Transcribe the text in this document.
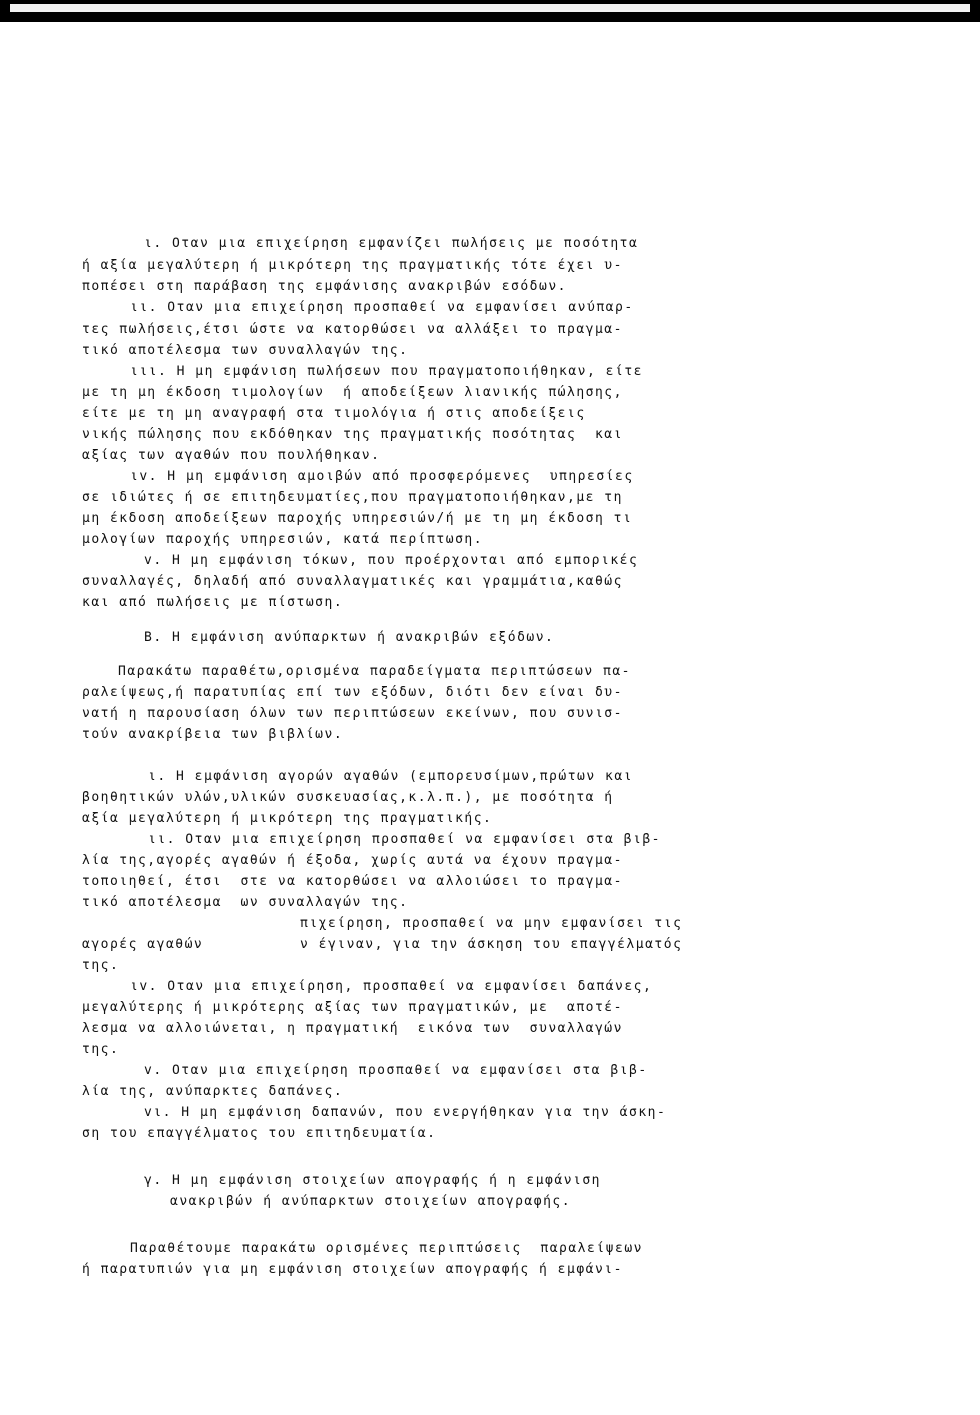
ι. Οταν μια επιχείρηση εμφανίζει πωλήσεις με ποσότητα
ή αξία μεγαλύτερη ή μικρότερη της πραγματικής τότε έχει υ-
ποπέσει στη παράβαση της εμφάνισης ανακριβών εσόδων.
ιι. Οταν μια επιχείρηση προσπαθεί να εμφανίσει ανύπαρ-
τες πωλήσεις,έτσι ώστε να κατορθώσει να αλλάξει το πραγμα-
τικό αποτέλεσμα των συναλλαγών της.
ιιι. Η μη εμφάνιση πωλήσεων που πραγματοποιήθηκαν, είτε
με τη μη έκδοση τιμολογίων  ή αποδείξεων λιανικής πώλησης,
είτε με τη μη αναγραφή στα τιμολόγια ή στις αποδείξεις
νικής πώλησης που εκδόθηκαν της πραγματικής ποσότητας  και
αξίας των αγαθών που πουλήθηκαν.
ιv. Η μη εμφάνιση αμοιβών από προσφερόμενες  υπηρεσίες
σε ιδιώτες ή σε επιτηδευματίες,που πραγματοποιήθηκαν,με τη
μη έκδοση αποδείξεων παροχής υπηρεσιών/ή με τη μη έκδοση τι
μολογίων παροχής υπηρεσιών, κατά περίπτωση.
v. Η μη εμφάνιση τόκων, που προέρχονται από εμπορικές
συναλλαγές, δηλαδή από συναλλαγματικές και γραμμάτια,καθώς
και από πωλήσεις με πίστωση.
Β. Η εμφάνιση ανύπαρκτων ή ανακριβών εξόδων.
Παρακάτω παραθέτω,ορισμένα παραδείγματα περιπτώσεων πα-
ραλείψεως,ή παρατυπίας επί των εξόδων, διότι δεν είναι δυ-
νατή η παρουσίαση όλων των περιπτώσεων εκείνων, που συνισ-
τούν ανακρίβεια των βιβλίων.
ι. Η εμφάνιση αγορών αγαθών (εμπορευσίμων,πρώτων και
βοηθητικών υλών,υλικών συσκευασίας,κ.λ.π.), με ποσότητα ή
αξία μεγαλύτερη ή μικρότερη της πραγματικής.
ιι. Οταν μια επιχείρηση προσπαθεί να εμφανίσει στα βιβ-
λία της,αγορές αγαθών ή έξοδα, χωρίς αυτά να έχουν πραγμα-
τοποιηθεί, έτσι  στε να κατορθώσει να αλλοιώσει το πραγμα-
τικό αποτέλεσμα  ων συναλλαγών της.
πιχείρηση, προσπαθεί να μην εμφανίσει τις
αγορές αγαθών	ν έγιναν, για την άσκηση του επαγγέλματός
της.
ιv. Οταν μια επιχείρηση, προσπαθεί να εμφανίσει δαπάνες,
μεγαλύτερης ή μικρότερης αξίας των πραγματικών, με  αποτέ-
λεσμα να αλλοιώνεται, η πραγματική  εικόνα των  συναλλαγών
της.
v. Οταν μια επιχείρηση προσπαθεί να εμφανίσει στα βιβ-
λία της, ανύπαρκτες δαπάνες.
vι. Η μη εμφάνιση δαπανών, που ενεργήθηκαν για την άσκη-
ση του επαγγέλματος του επιτηδευματία.
γ. Η μη εμφάνιση στοιχείων απογραφής ή η εμφάνιση
ανακριβών ή ανύπαρκτων στοιχείων απογραφής.
Παραθέτουμε παρακάτω ορισμένες περιπτώσεις  παραλείψεων
ή παρατυπιών για μη εμφάνιση στοιχείων απογραφής ή εμφάνι-
